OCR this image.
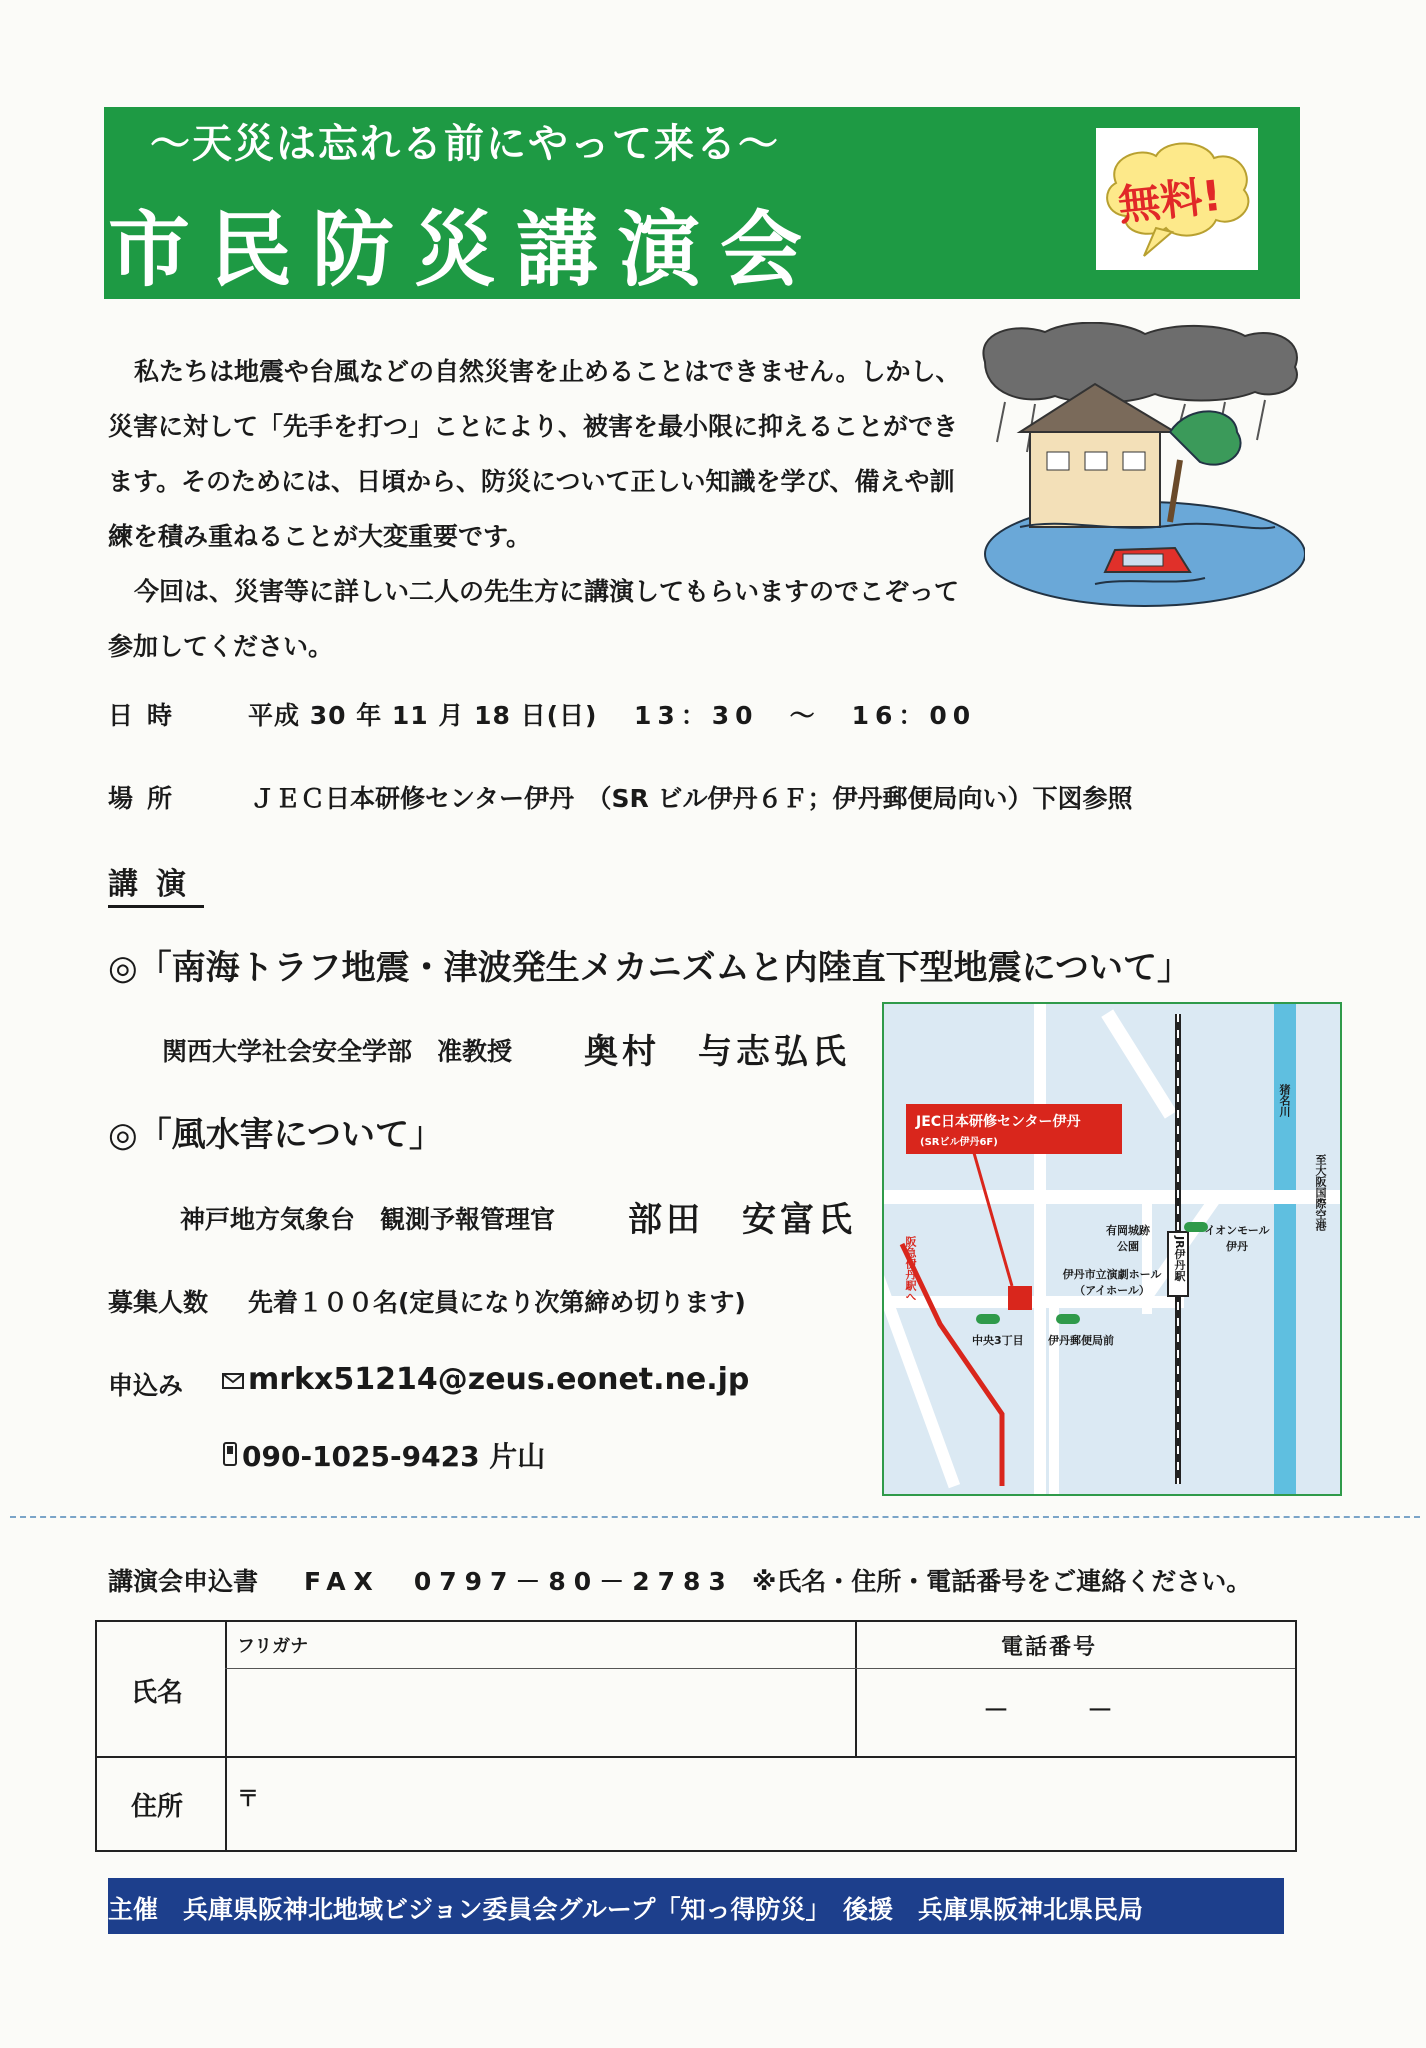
〜天災は忘れる前にやって来る〜
市民防災講演会
無料!

私たちは地震や台風などの自然災害を止めることはできません。しかし、災害に対して「先手を打つ」ことにより、被害を最小限に抑えることができます。そのためには、日頃から、防災について正しい知識を学び、備えや訓練を積み重ねることが大変重要です。

今回は、災害等に詳しい二人の先生方に講演してもらいますのでこぞって参加してください。

日時 平成 30 年 11 月 18 日(日) 13：30　〜　16：00
場所	ＪＥＣ日本研修センター伊丹　（SR ビル伊丹６Ｆ；伊丹郵便局向い）下図参照
講演
◎「南海トラフ地震・津波発生メカニズムと内陸直下型地震について」
関西大学社会安全学部　准教授 奥村　与志弘氏
◎「風水害について」
神戸地方気象台　観測予報管理官 部田　安富氏
募集人数 先着１００名(定員になり次第締め切ります)
申込み	mrkx51214@zeus.eonet.ne.jp
090-1025-9423 片山
JEC日本研修センター伊丹
(SRビル伊丹6F)
猪名川
至大阪国際空港
有岡城跡公園
イオンモール伊丹
JR伊丹駅
伊丹市立演劇ホール（アイホール）
中央3丁目 伊丹郵便局前
阪急伊丹駅へ
講演会申込書 FAX　0797－80－2783 ※氏名・住所・電話番号をご連絡ください。
フリガナ
氏名
電話番号
－　　　－
住所 〒
主催　兵庫県阪神北地域ビジョン委員会グループ「知っ得防災」　後援　兵庫県阪神北県民局
